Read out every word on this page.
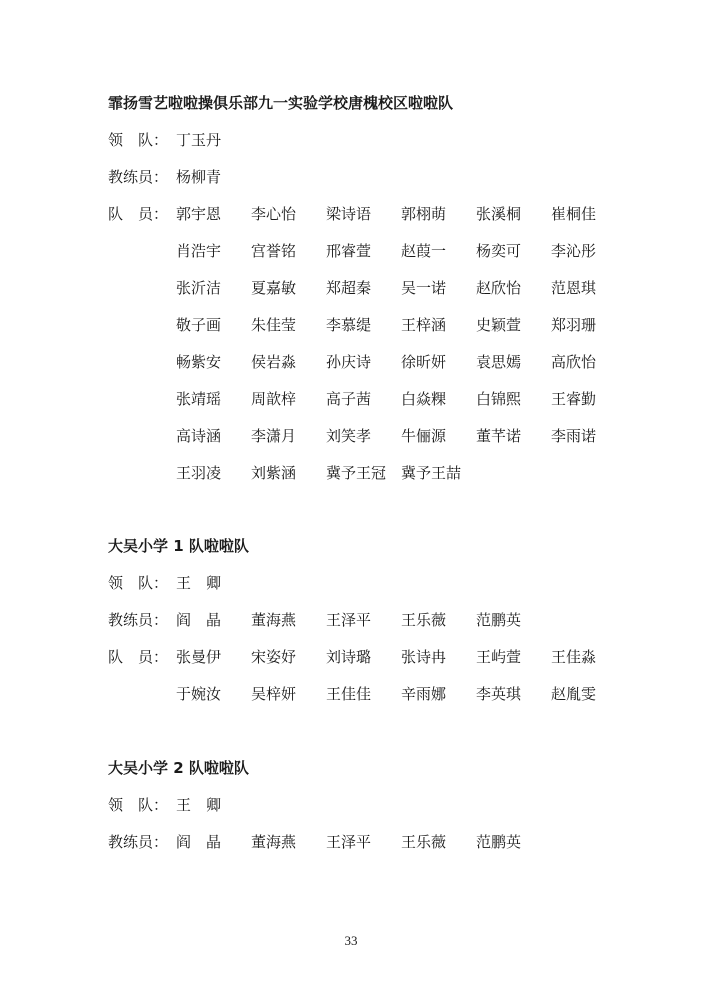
霏扬雪艺啦啦操俱乐部九一实验学校唐槐校区啦啦队
领　队： 丁玉丹
教练员： 杨柳青
队　员： 郭宇恩	李心怡	梁诗语	郭栩萌	张溪桐	崔桐佳
肖浩宇	宫誉铭	邢睿萱	赵葭一	杨奕可	李沁彤
张沂洁	夏嘉敏	郑超秦	吴一诺	赵欣怡	范恩琪
敬子画	朱佳莹	李慕缇	王梓涵	史颖萱	郑羽珊
畅紫安	侯岩淼	孙庆诗	徐昕妍	袁思嫣	高欣怡
张靖瑶	周歆梓	高子茜	白焱粿	白锦熙	王睿勤
高诗涵	李潇月	刘笑孝	牛俪源	董芊诺	李雨诺
王羽凌	刘紫涵	冀予王冠 冀予王喆
大吴小学 1 队啦啦队
领　队： 王　卿
教练员： 阎　晶	董海燕	王泽平	王乐薇	范鹏英
队　员： 张曼伊	宋姿妤	刘诗璐	张诗冉	王屿萱	王佳淼
于婉汝	吴梓妍	王佳佳	辛雨娜	李英琪	赵胤雯
大吴小学 2 队啦啦队
领　队： 王　卿
教练员： 阎　晶	董海燕	王泽平	王乐薇	范鹏英
33
